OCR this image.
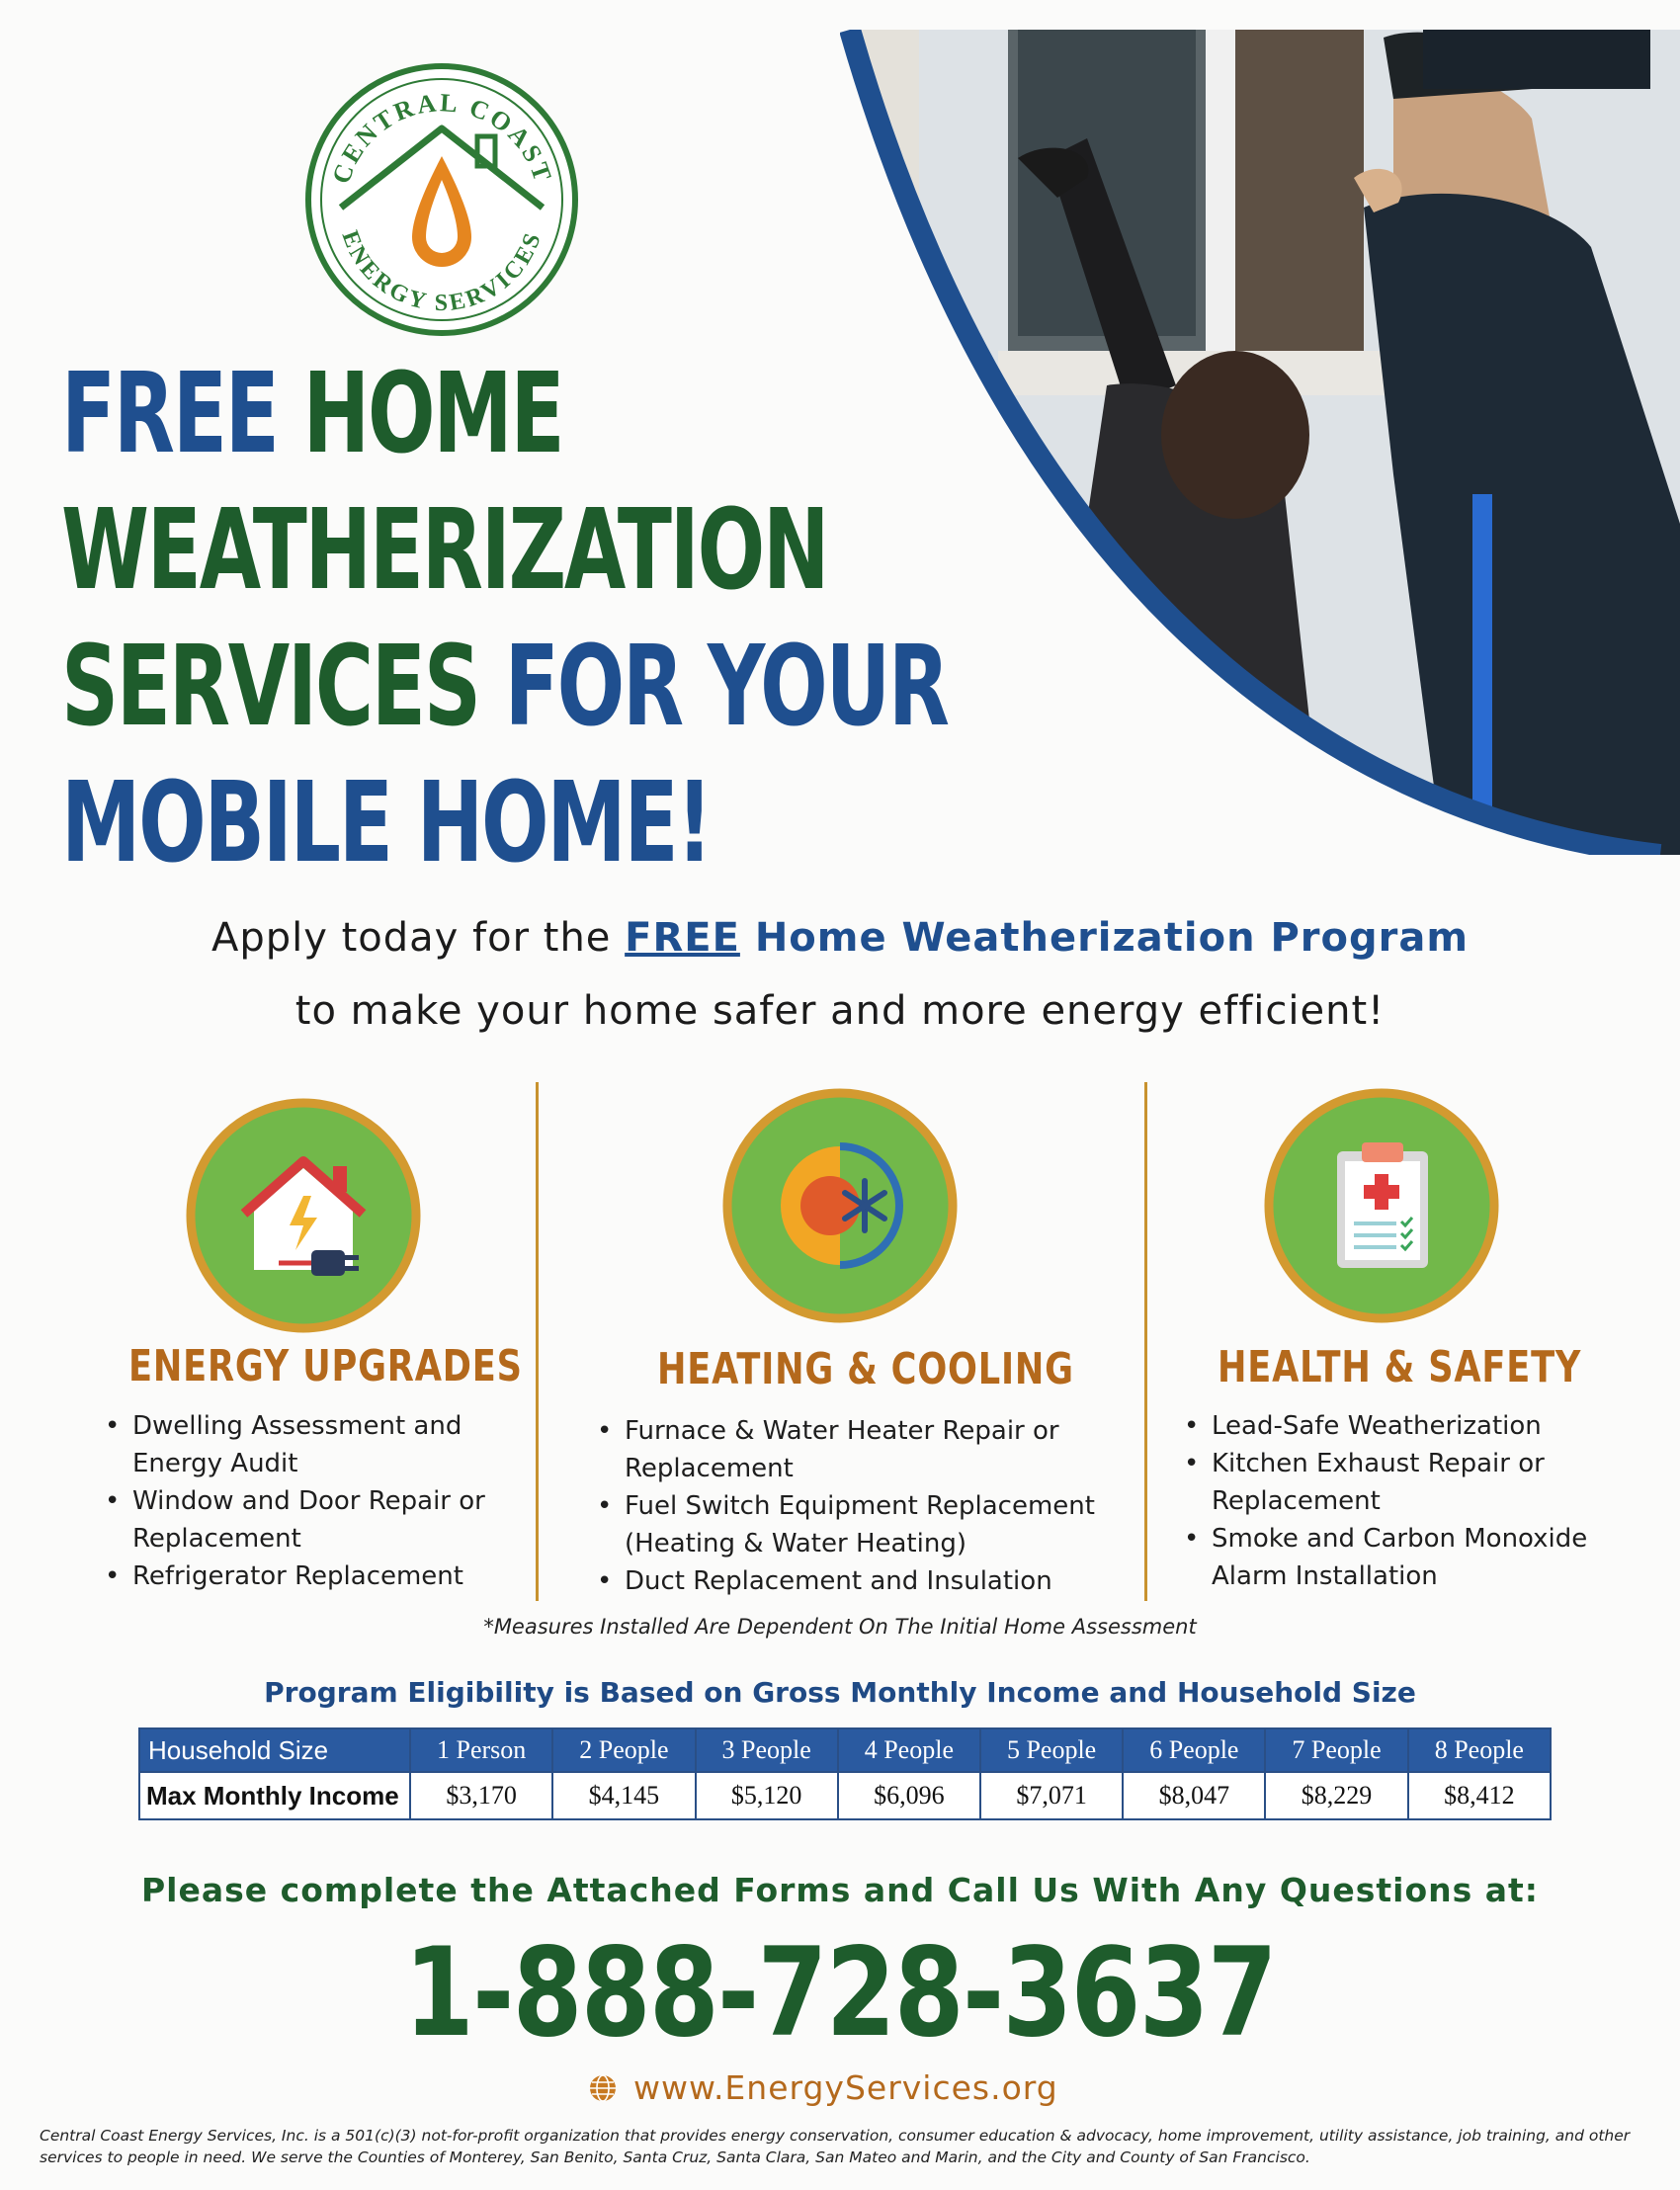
CENTRAL COAST
ENERGY SERVICES
FREE HOME
WEATHERIZATION
SERVICES FOR YOUR
MOBILE HOME!
Apply today for the FREE Home Weatherization Program
to make your home safer and more energy efficient!
ENERGY UPGRADES
• Dwelling Assessment and Energy Audit
• Window and Door Repair or Replacement
• Refrigerator Replacement
HEATING & COOLING
• Furnace & Water Heater Repair or Replacement
• Fuel Switch Equipment Replacement (Heating & Water Heating)
• Duct Replacement and Insulation
HEALTH & SAFETY
• Lead-Safe Weatherization
• Kitchen Exhaust Repair or Replacement
• Smoke and Carbon Monoxide Alarm Installation
*Measures Installed Are Dependent On The Initial Home Assessment
Program Eligibility is Based on Gross Monthly Income and Household Size
Household Size	1 Person	2 People	3 People	4 People	5 People	6 People	7 People	8 People
Max Monthly Income	$3,170	$4,145	$5,120	$6,096	$7,071	$8,047	$8,229	$8,412
Please complete the Attached Forms and Call Us With Any Questions at:
1-888-728-3637
www.EnergyServices.org
Central Coast Energy Services, Inc. is a 501(c)(3) not-for-profit organization that provides energy conservation, consumer education & advocacy, home improvement, utility assistance, job training, and other services to people in need. We serve the Counties of Monterey, San Benito, Santa Cruz, Santa Clara, San Mateo and Marin, and the City and County of San Francisco.
